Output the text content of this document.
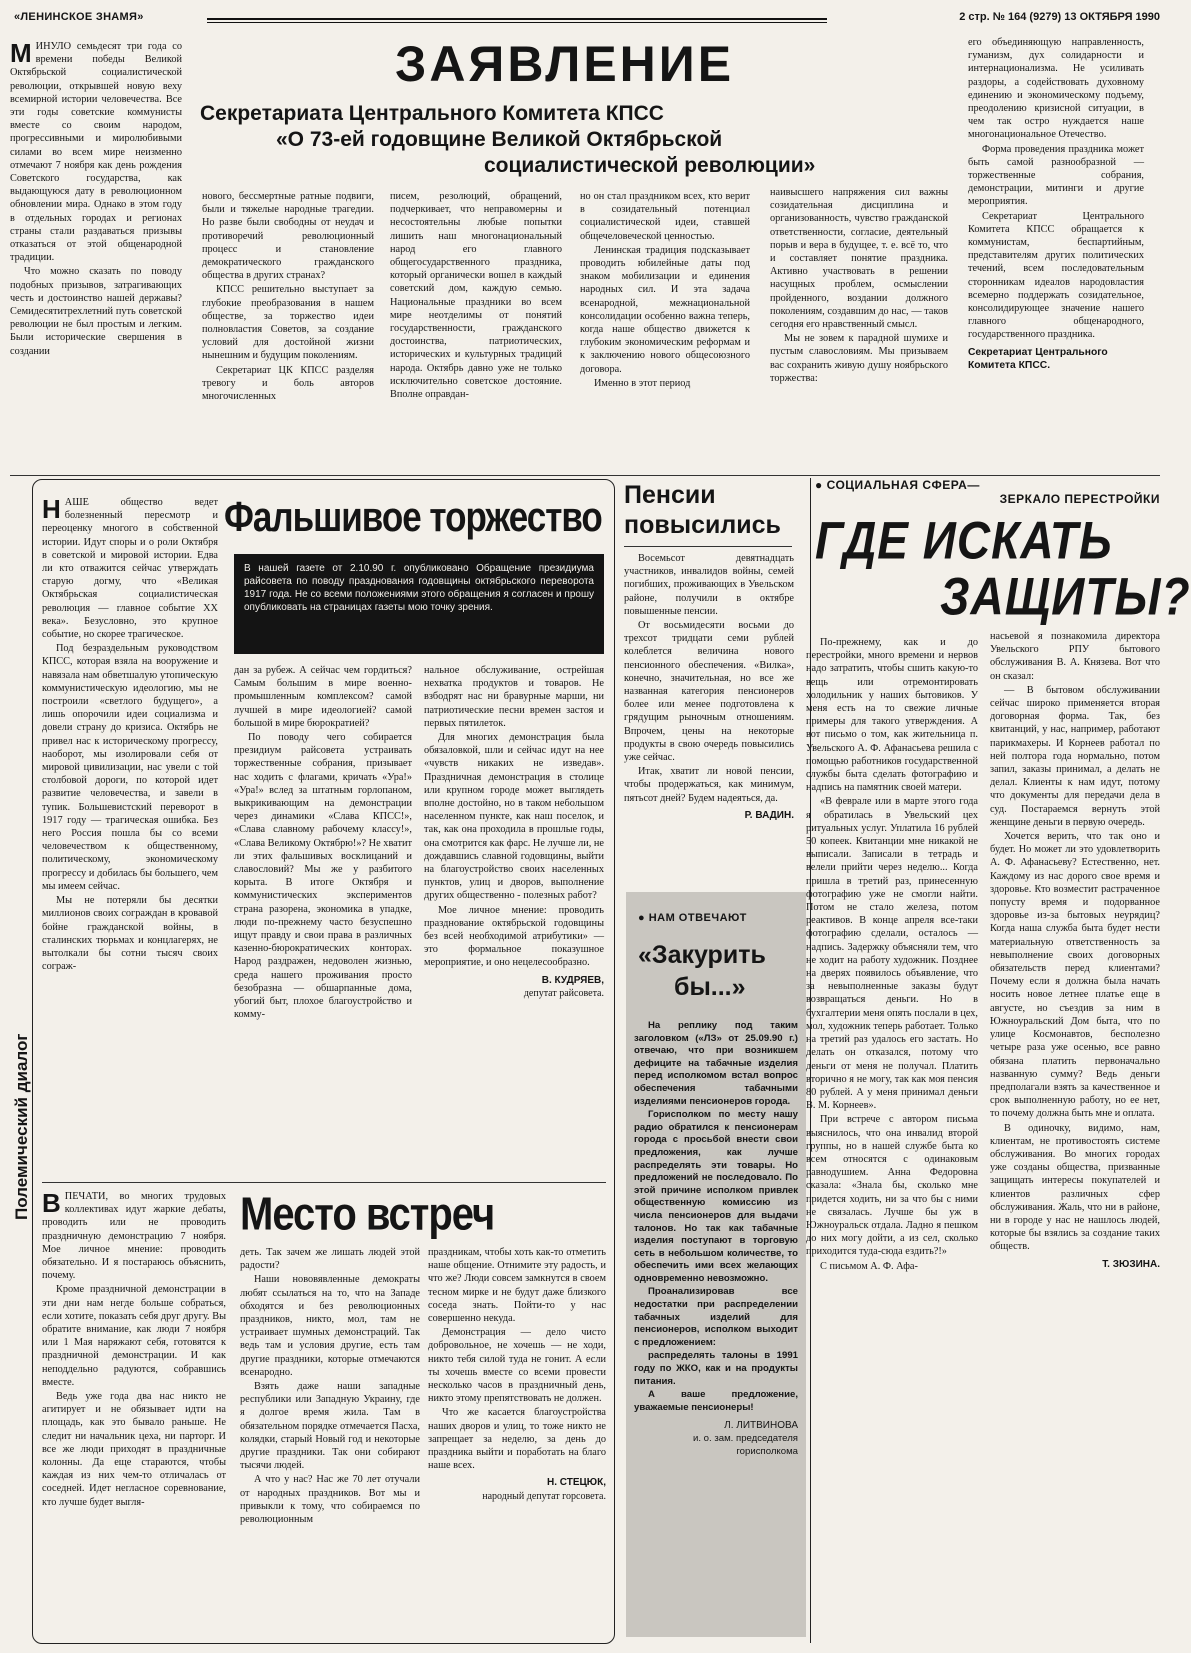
«ЛЕНИНСКОЕ ЗНАМЯ»	2 стр. № 164 (9279) 13 ОКТЯБРЯ 1990
ЗАЯВЛЕНИЕ
Секретариата Центрального Комитета КПСС
«О 73-ей годовщине Великой Октябрьской
социалистической революции»
М ИНУЛО семьдесят три года со времени победы Великой Октябрьской социалистической революции, открывшей новую веху всемирной истории человечества. Все эти годы советские коммунисты вместе со своим народом, прогрессивными и миролюбивыми силами во всем мире неизменно отмечают 7 ноября как день рождения Советского государства, как выдающуюся дату в революционном обновлении мира. Однако в этом году в отдельных городах и регионах страны стали раздаваться призывы отказаться от этой общенародной традиции.

Что можно сказать по поводу подобных призывов, затрагивающих честь и достоинство нашей державы? Семидесятитрехлетний путь советской революции не был простым и легким. Были исторические свершения в создании

нового, бессмертные ратные подвиги, были и тяжелые народные трагедии. Но разве были свободны от неудач и противоречий революционный процесс и становление демократического гражданского общества в других странах?

КПСС решительно выступает за глубокие преобразования в нашем обществе, за торжество идеи полновластия Советов, за создание условий для достойной жизни нынешним и будущим поколениям.

Секретариат ЦК КПСС разделяя тревогу и боль авторов многочисленных

писем, резолюций, обращений, подчеркивает, что неправомерны и несостоятельны любые попытки лишить наш многонациональный народ его главного общегосударственного праздника, который органически вошел в каждый советский дом, каждую семью. Национальные праздники во всем мире неотделимы от понятий государственности, гражданского достоинства, патриотических, исторических и культурных традиций народа. Октябрь давно уже не только исключительно советское достояние. Вполне оправдан-

но он стал праздником всех, кто верит в созидательный потенциал социалистической идеи, ставшей общечеловеческой ценностью.

Ленинская традиция подсказывает проводить юбилейные даты под знаком мобилизации и единения народных сил. И эта задача всенародной, межнациональной консолидации особенно важна теперь, когда наше общество движется к глубоким экономическим реформам и к заключению нового общесоюзного договора.

Именно в этот период

наивысшего напряжения сил важны созидательная дисциплина и организованность, чувство гражданской ответственности, согласие, деятельный порыв и вера в будущее, т. е. всё то, что и составляет понятие праздника. Активно участвовать в решении насущных проблем, осмыслении пройденного, воздании должного поколениям, создавшим до нас, — таков сегодня его нравственный смысл.

Мы не зовем к парадной шумихе и пустым славословиям. Мы призываем вас сохранить живую душу ноябрьского торжества:

его объединяющую направленность, гуманизм, дух солидарности и интернационализма. Не усиливать раздоры, а содействовать духовному единению и экономическому подъему, преодолению кризисной ситуации, в чем так остро нуждается наше многонациональное Отечество.

Форма проведения праздника может быть самой разнообразной — торжественные собрания, демонстрации, митинги и другие мероприятия.

Секретариат Центрального Комитета КПСС обращается к коммунистам, беспартийным, представителям других политических течений, всем последовательным сторонникам идеалов народовластия всемерно поддержать созидательное, консолидирующее значение нашего главного общенародного, государственного праздника.

Секретариат Центрального Комитета КПСС.
Полемический диалог
Н АШЕ общество ведет болезненный пересмотр и переоценку многого в собственной истории. Идут споры и о роли Октября в советской и мировой истории. Едва ли кто отважится сейчас утверждать старую догму, что «Великая Октябрьская социалистическая революция — главное событие XX века». Безусловно, это крупное событие, но скорее трагическое.

Под безраздельным руководством КПСС, которая взяла на вооружение и навязала нам обветшалую утопическую коммунистическую идеологию, мы не построили «светлого будущего», а лишь опорочили идеи социализма и довели страну до кризиса. Октябрь не привел нас к историческому прогрессу, наоборот, мы изолировали себя от мировой цивилизации, нас увели с той столбовой дороги, по которой идет развитие человечества, и завели в тупик. Большевистский переворот в 1917 году — трагическая ошибка. Без него Россия пошла бы со всеми человечеством к общественному, политическому, экономическому прогрессу и добилась бы большего, чем мы имеем сейчас.

Мы не потеряли бы десятки миллионов своих сограждан в кровавой бойне гражданской войны, в сталинских тюрьмах и концлагерях, не вытолкали бы сотни тысяч своих сограж-

Фальшивое торжество
В нашей газете от 2.10.90 г. опубликовано Обращение президиума райсовета по поводу празднования годовщины октябрьского переворота 1917 года. Не со всеми положениями этого обращения я согласен и прошу опубликовать на страницах газеты мою точку зрения.

дан за рубеж. А сейчас чем гордиться? Самым большим в мире военно-промышленным комплексом? самой лучшей в мире идеологией? самой большой в мире бюрократией?

По поводу чего собирается президиум райсовета устраивать торжественные собрания, призывает нас ходить с флагами, кричать «Ура!» «Ура!» вслед за штатным горлопаном, выкрикивающим на демонстрации через динамики «Слава КПСС!», «Слава славному рабочему классу!», «Слава Великому Октябрю!»? Не хватит ли этих фальшивых восклицаний и славословий? Мы же у разбитого корыта. В итоге Октября и коммунистических экспериментов страна разорена, экономика в упадке, люди по-прежнему часто безуспешно ищут правду и свои права в различных казенно-бюрократических конторах. Народ раздражен, недоволен жизнью, среда нашего проживания просто безобразна — обшарпанные дома, убогий быт, плохое благоустройство и комму-

нальное обслуживание, острейшая нехватка продуктов и товаров. Не взбодрят нас ни бравурные марши, ни патриотические песни времен застоя и первых пятилеток.

Для многих демонстрация была обязаловкой, шли и сейчас идут на нее «чувств никаких не изведав». Праздничная демонстрация в столице или крупном городе может выглядеть вполне достойно, но в таком небольшом населенном пункте, как наш поселок, и так, как она проходила в прошлые годы, она смотрится как фарс. Не лучше ли, не дождавшись славной годовщины, выйти на благоустройство своих населенных пунктов, улиц и дворов, выполнение других общественно - полезных работ?

Мое личное мнение: проводить празднование октябрьской годовщины без всей необходимой атрибутики» — это формальное показушное мероприятие, и оно нецелесообразно.

В. КУДРЯЕВ,
депутат райсовета.
В ПЕЧАТИ, во многих трудовых коллективах идут жаркие дебаты, проводить или не проводить праздничную демонстрацию 7 ноября. Мое личное мнение: проводить обязательно. И я постараюсь объяснить, почему.

Кроме праздничной демонстрации в эти дни нам негде больше собраться, если хотите, показать себя друг другу. Вы обратите внимание, как люди 7 ноября или 1 Мая наряжают себя, готовятся к праздничной демонстрации. И как неподдельно радуются, собравшись вместе.

Ведь уже года два нас никто не агитирует и не обязывает идти на площадь, как это бывало раньше. Не следит ни начальник цеха, ни парторг. И все же люди приходят в праздничные колонны. Да еще стараются, чтобы каждая из них чем-то отличалась от соседней. Идет негласное соревнование, кто лучше будет выгля-

Место встреч

деть. Так зачем же лишать людей этой радости?

Наши нововявленные демократы любят ссылаться на то, что на Западе обходятся и без революционных праздников, никто, мол, там не устраивает шумных демонстраций. Так ведь там и условия другие, есть там другие праздники, которые отмечаются всенародно.

Взять даже наши западные республики или Западную Украину, где я долгое время жила. Там в обязательном порядке отмечается Пасха, колядки, старый Новый год и некоторые другие праздники. Так они собирают тысячи людей.

А что у нас? Нас же 70 лет отучали от народных праздников. Вот мы и привыкли к тому, что собираемся по революционным

праздникам, чтобы хоть как-то отметить наше общение. Отнимите эту радость, и что же? Люди совсем замкнутся в своем тесном мирке и не будут даже близкого соседа знать. Пойти-то у нас совершенно некуда.

Демонстрация — дело чисто добровольное, не хочешь — не ходи, никто тебя силой туда не гонит. А если ты хочешь вместе со всеми провести несколько часов в праздничный день, никто этому препятствовать не должен.

Что же касается благоустройства наших дворов и улиц, то тоже никто не запрещает за неделю, за день до праздника выйти и поработать на благо наше всех.

Н. СТЕЦЮК,
народный депутат горсовета.
Пенсии
повысились

Восемьсот девятнадцать участников, инвалидов войны, семей погибших, проживающих в Увельском районе, получили в октябре повышенные пенсии.

От восьмидесяти восьми до трехсот тридцати семи рублей колеблется величина нового пенсионного обеспечения. «Вилка», конечно, значительная, но все же названная категория пенсионеров более или менее подготовлена к грядущим рыночным отношениям. Впрочем, цены на некоторые продукты в свою очередь повысились уже сейчас.

Итак, хватит ли новой пенсии, чтобы продержаться, как минимум, пятьсот дней? Будем надеяться, да.

Р. ВАДИН.
● НАМ ОТВЕЧАЮТ
«Закурить
бы...»

На реплику под таким заголовком («ЛЗ» от 25.09.90 г.) отвечаю, что при возникшем дефиците на табачные изделия перед исполкомом встал вопрос обеспечения табачными изделиями пенсионеров города.

Горисполком по месту нашу радио обратился к пенсионерам города с просьбой внести свои предложения, как лучше распределять эти товары. Но предложений не последовало. По этой причине исполком привлек общественную комиссию из числа пенсионеров для выдачи талонов. Но так как табачные изделия поступают в торговую сеть в небольшом количестве, то обеспечить ими всех желающих одновременно невозможно.

Проанализировав все недостатки при распределении табачных изделий для пенсионеров, исполком выходит с предложением:

распределять талоны в 1991 году по ЖКО, как и на продукты питания.

А ваше предложение, уважаемые пенсионеры!

Л. ЛИТВИНОВА
и. о. зам. председателя горисполкома
● СОЦИАЛЬНАЯ СФЕРА—
ЗЕРКАЛО ПЕРЕСТРОЙКИ
ГДЕ ИСКАТЬ
ЗАЩИТЫ?

По-прежнему, как и до перестройки, много времени и нервов надо затратить, чтобы сшить какую-то вещь или отремонтировать холодильник у наших бытовиков. У меня есть на то свежие личные примеры для такого утверждения. А вот письмо о том, как жительница п. Увельского А. Ф. Афанасьева решила с помощью работников государственной службы быта сделать фотографию и надпись на памятник своей матери.

«В феврале или в марте этого года я обратилась в Увельский цех ритуальных услуг. Уплатила 16 рублей 50 копеек. Квитанции мне никакой не выписали. Записали в тетрадь и велели прийти через неделю... Когда пришла в третий раз, принесенную фотографию уже не смогли найти. Потом не стало железа, потом реактивов. В конце апреля все-таки фотографию сделали, осталось — надпись. Задержку объясняли тем, что не ходит на работу художник. Позднее на дверях появилось объявление, что за невыполненные заказы будут возвращаться деньги. Но в бухгалтерии меня опять послали в цех, мол, художник теперь работает. Только на третий раз удалось его застать. Но делать он отказался, потому что деньги от меня не получал. Платить вторично я не могу, так как моя пенсия 80 рублей. А у меня принимал деньги В. М. Корнеев».

При встрече с автором письма выяснилось, что она инвалид второй группы, но в нашей службе быта ко всем относятся с одинаковым равнодушием. Анна Федоровна сказала: «Знала бы, сколько мне придется ходить, ни за что бы с ними не связалась. Лучше бы уж в Южноуральск отдала. Ладно я пешком до них могу дойти, а из сел, сколько приходится туда-сюда ездить?!»

С письмом А. Ф. Афа-

насьевой я познакомила директора Увельского РПУ бытового обслуживания В. А. Князева. Вот что он сказал:

— В бытовом обслуживании сейчас широко применяется вторая договорная форма. Так, без квитанций, у нас, например, работают парикмахеры. И Корнеев работал по ней полтора года нормально, потом запил, заказы принимал, а делать не делал. Клиенты к нам идут, потому что документы для передачи дела в суд. Постараемся вернуть этой женщине деньги в первую очередь.

Хочется верить, что так оно и будет. Но может ли это удовлетворить А. Ф. Афанасьеву? Естественно, нет. Каждому из нас дорого свое время и здоровье. Кто возместит растраченное попусту время и подорванное здоровье из-за бытовых неурядиц? Когда наша служба быта будет нести материальную ответственность за невыполнение своих договорных обязательств перед клиентами? Почему если я должна была начать носить новое летнее платье еще в августе, но съездив за ним в Южноуральский Дом быта, что по улице Космонавтов, бесполезно четыре раза уже осенью, все равно обязана платить первоначально названную сумму? Ведь деньги предполагали взять за качественное и срок выполненную работу, но ее нет, то почему должна быть мне и оплата.

В одиночку, видимо, нам, клиентам, не противостоять системе обслуживания. Во многих городах уже созданы общества, призванные защищать интересы покупателей и клиентов различных сфер обслуживания. Жаль, что ни в районе, ни в городе у нас не нашлось людей, которые бы взялись за создание таких обществ.

Т. ЗЮЗИНА.
